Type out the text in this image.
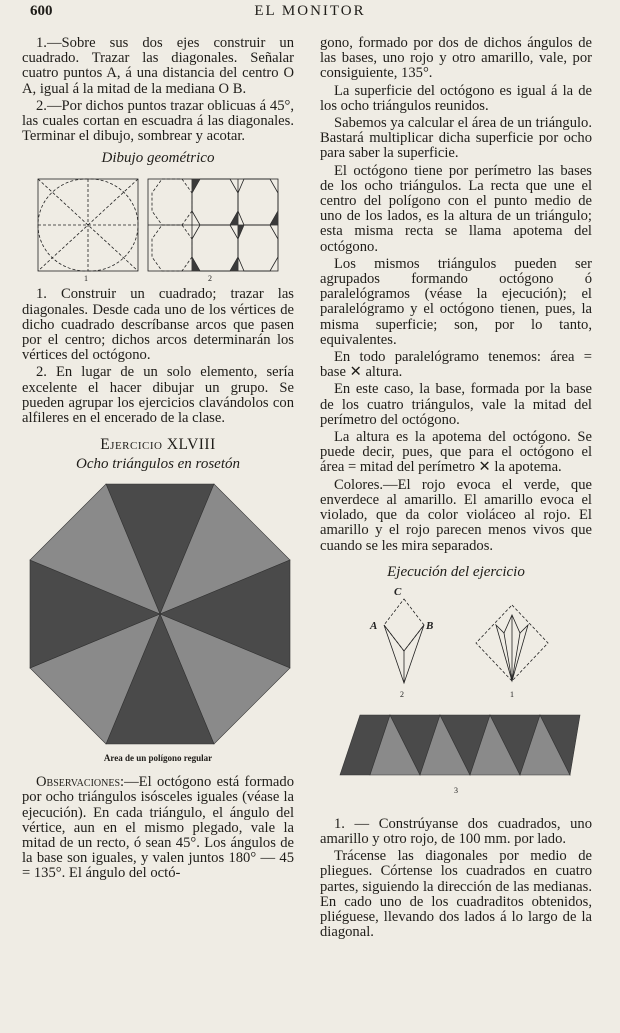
600	EL MONITOR

1.—Sobre sus dos ejes construir un cuadrado. Trazar las diagonales. Señalar cuatro puntos A, á una distancia del centro O A, igual á la mitad de la mediana O B.

2.—Por dichos puntos trazar oblicuas á 45°, las cuales cortan en escuadra á las diagonales. Terminar el dibujo, sombrear y acotar.

Dibujo geométrico
1	2

1. Construir un cuadrado; trazar las diagonales. Desde cada uno de los vértices de dicho cuadrado descríbanse arcos que pasen por el centro; dichos arcos determinarán los vértices del octógono.

2. En lugar de un solo elemento, sería excelente el hacer dibujar un grupo. Se pueden agrupar los ejercicios clavándolos con alfileres en el encerado de la clase.

Ejercicio XLVIII
Ocho triángulos en rosetón
Area de un polígono regular

Observaciones:—El octógono está formado por ocho triángulos isósceles iguales (véase la ejecución). En cada triángulo, el ángulo del vértice, aun en el mismo plegado, vale la mitad de un recto, ó sean 45°. Los ángulos de la base son iguales, y valen juntos 180° — 45 = 135°. El ángulo del octó-

gono, formado por dos de dichos ángulos de las bases, uno rojo y otro amarillo, vale, por consiguiente, 135°.

La superficie del octógono es igual á la de los ocho triángulos reunidos.

Sabemos ya calcular el área de un triángulo. Bastará multiplicar dicha superficie por ocho para saber la superficie.

El octógono tiene por perímetro las bases de los ocho triángulos. La recta que une el centro del polígono con el punto medio de uno de los lados, es la altura de un triángulo; esta misma recta se llama apotema del octógono.

Los mismos triángulos pueden ser agrupados formando octógono ó paralelógramos (véase la ejecución); el paralelógramo y el octógono tienen, pues, la misma superficie; son, por lo tanto, equivalentes.

En todo paralelógramo tenemos: área = base ✕ altura.

En este caso, la base, formada por la base de los cuatro triángulos, vale la mitad del perímetro del octógono.

La altura es la apotema del octógono. Se puede decir, pues, que para el octógono el área = mitad del perímetro ✕ la apotema.

Colores.—El rojo evoca el verde, que enverdece al amarillo. El amarillo evoca el violado, que da color violáceo al rojo. El amarillo y el rojo parecen menos vivos que cuando se les mira separados.

Ejecución del ejercicio
C
A	B
2	1
3

1. — Constrúyanse dos cuadrados, uno amarillo y otro rojo, de 100 mm. por lado.

Trácense las diagonales por medio de pliegues. Córtense los cuadrados en cuatro partes, siguiendo la dirección de las medianas. En cado uno de los cuadraditos obtenidos, pliéguese, llevando dos lados á lo largo de la diagonal.
